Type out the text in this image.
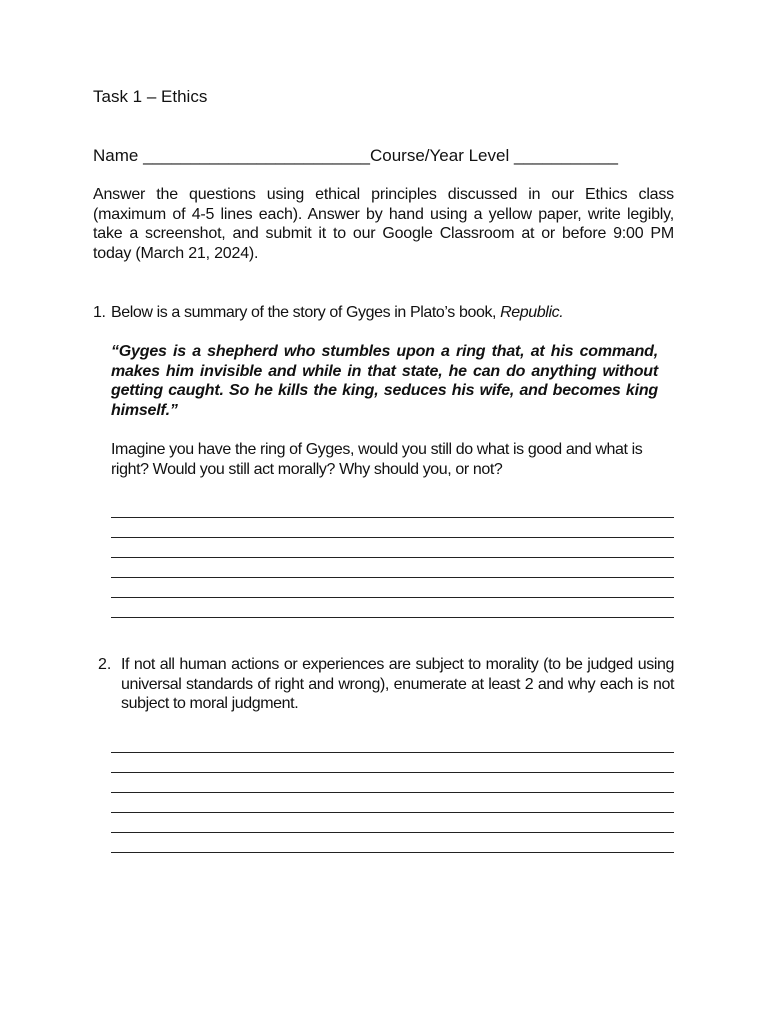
Task 1 – Ethics
Name ________________________Course/Year Level ___________
Answer the questions using ethical principles discussed in our Ethics class (maximum of 4-5 lines each). Answer by hand using a yellow paper, write legibly, take a screenshot, and submit it to our Google Classroom at or before 9:00 PM today (March 21, 2024).
1. Below is a summary of the story of Gyges in Plato’s book, Republic.
“Gyges is a shepherd who stumbles upon a ring that, at his command, makes him invisible and while in that state, he can do anything without getting caught. So he kills the king, seduces his wife, and becomes king himself.”
Imagine you have the ring of Gyges, would you still do what is good and what is right? Would you still act morally? Why should you, or not?
2. If not all human actions or experiences are subject to morality (to be judged using universal standards of right and wrong), enumerate at least 2 and why each is not subject to moral judgment.
